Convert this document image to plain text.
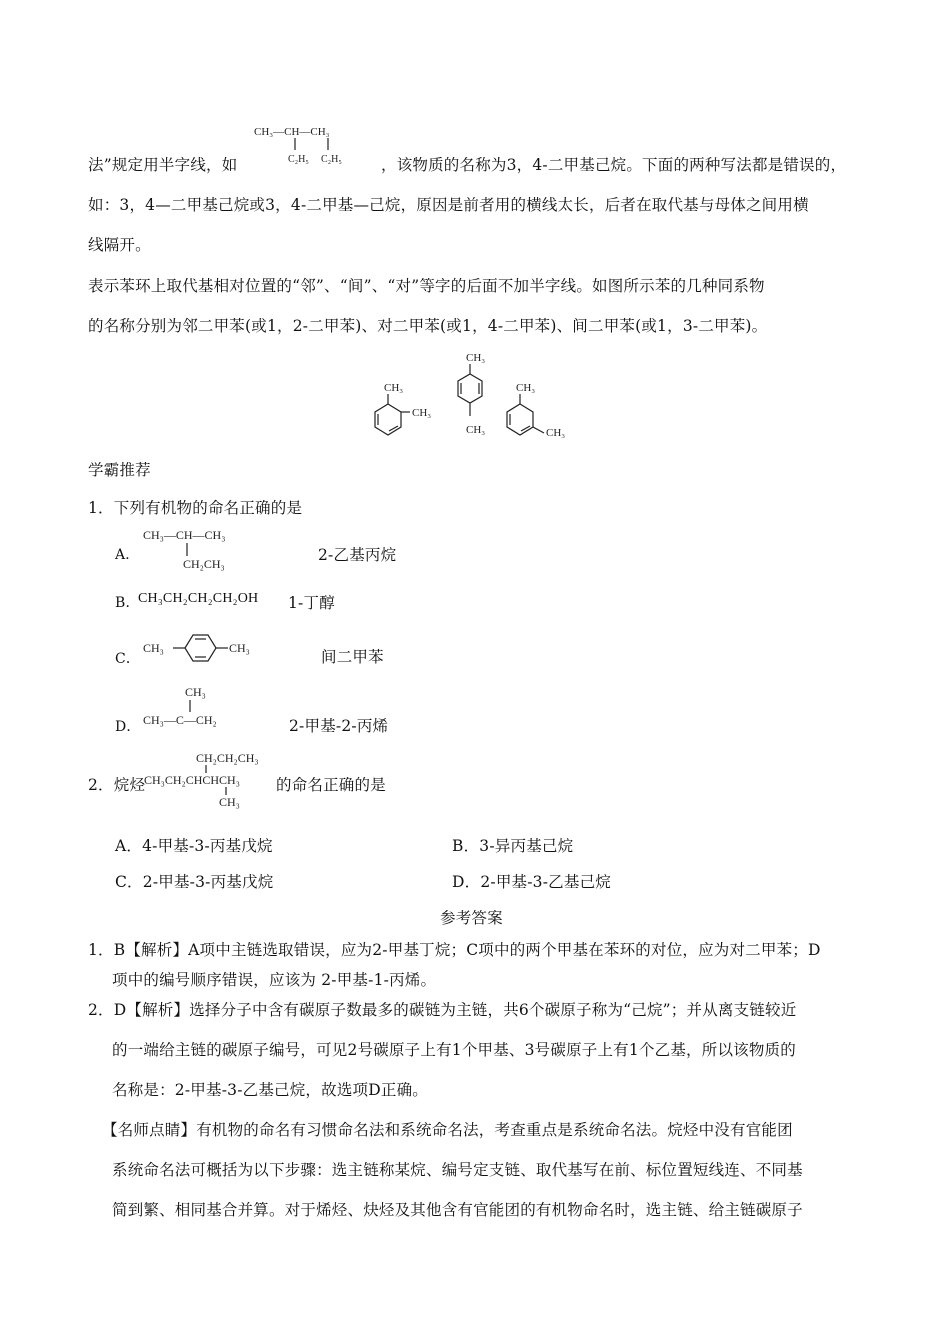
CH₃—CH—CH₃
C₂H₅ C₂H₅
法”规定用半字线，如	，该物质的名称为3，4-二甲基己烷。下面的两种写法都是错误的，
如：3，4—二甲基己烷或3，4-二甲基—己烷，原因是前者用的横线太长，后者在取代基与母体之间用横
线隔开。
表示苯环上取代基相对位置的“邻”、“间”、“对”等字的后面不加半字线。如图所示苯的几种同系物
的名称分别为邻二甲苯(或1，2-二甲苯)、对二甲苯(或1，4-二甲苯)、间二甲苯(或1，3-二甲苯)。
CH₃
CH₃
CH₃
CH₃
CH₃
CH₃
学霸推荐
1．下列有机物的命名正确的是
A．
CH₃—CH—CH₃
CH₂CH₃	2-乙基丙烷
B．
CH₃CH₂CH₂CH₂OH 1-丁醇
C．
CH₃	CH₃	间二甲苯
D．
CH₃
CH₃—C—CH₂	2-甲基-2-丙烯
2．烷烃
CH₂CH₂CH₃
CH₃CH₂CHCHCH₃
CH₃
的命名正确的是
A．4-甲基-3-丙基戊烷	B．3-异丙基己烷
C．2-甲基-3-丙基戊烷	D．2-甲基-3-乙基己烷
参考答案
1．B【解析】A项中主链选取错误，应为2-甲基丁烷；C项中的两个甲基在苯环的对位，应为对二甲苯；D
项中的编号顺序错误，应该为 2-甲基-1-丙烯。
2．D【解析】选择分子中含有碳原子数最多的碳链为主链，共6个碳原子称为“己烷”；并从离支链较近
的一端给主链的碳原子编号，可见2号碳原子上有1个甲基、3号碳原子上有1个乙基，所以该物质的
名称是：2-甲基-3-乙基己烷，故选项D正确。
【名师点睛】有机物的命名有习惯命名法和系统命名法，考查重点是系统命名法。烷烃中没有官能团
系统命名法可概括为以下步骤：选主链称某烷、编号定支链、取代基写在前、标位置短线连、不同基
简到繁、相同基合并算。对于烯烃、炔烃及其他含有官能团的有机物命名时，选主链、给主链碳原子
